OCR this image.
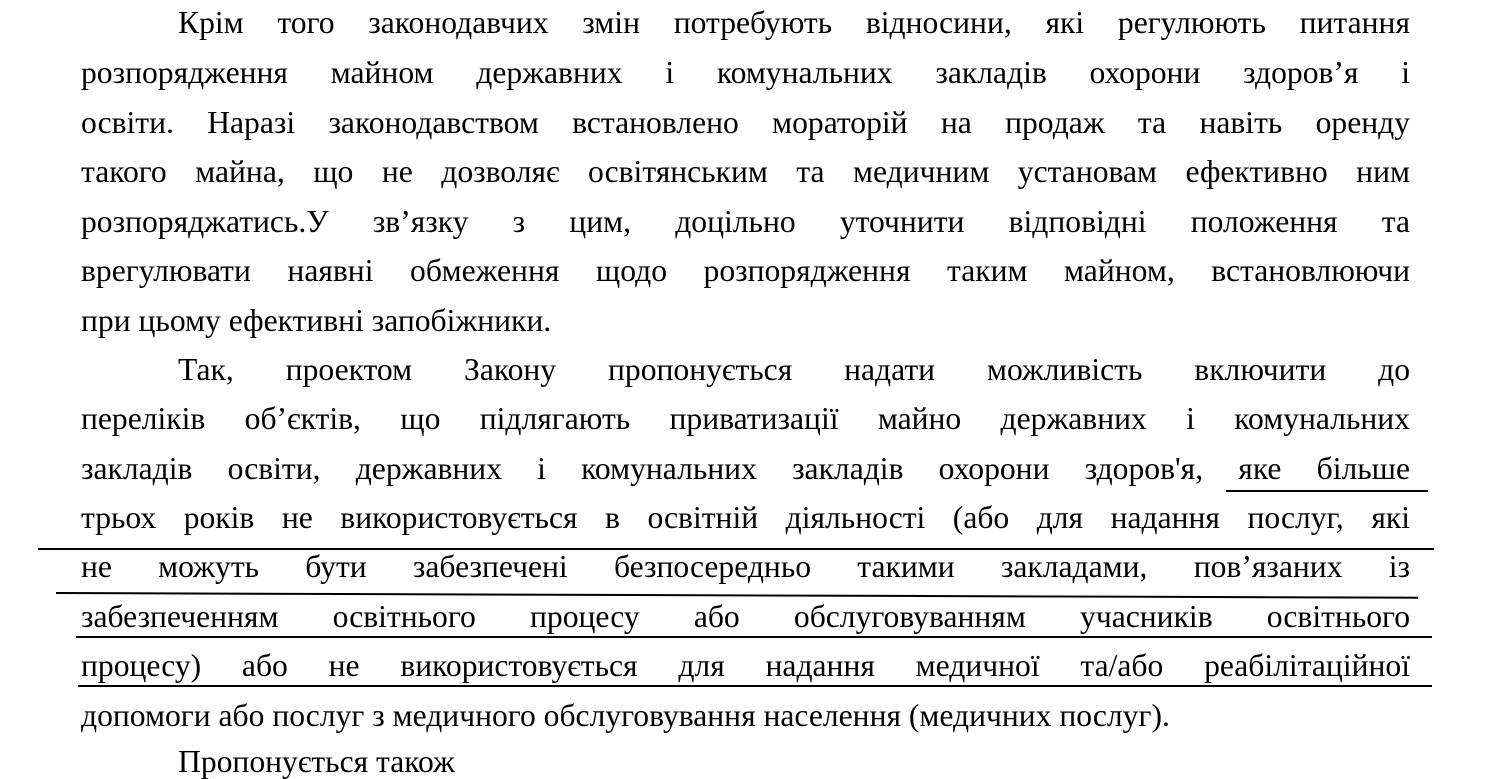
Крім того законодавчих змін потребують відносини, які регулюють питання
розпорядження майном державних і комунальних закладів охорони здоров’я і
освіти. Наразі законодавством встановлено мораторій на продаж та навіть оренду
такого майна, що не дозволяє освітянським та медичним установам ефективно ним
розпоряджатись.У зв’язку з цим, доцільно уточнити відповідні положення та
врегулювати наявні обмеження щодо розпорядження таким майном, встановлюючи
при цьому ефективні запобіжники.
Так, проектом Закону пропонується надати можливість включити до
переліків об’єктів, що підлягають приватизації майно державних і комунальних
закладів освіти, державних і комунальних закладів охорони здоров'я, яке більше
трьох років не використовується в освітній діяльності (або для надання послуг, які
не можуть бути забезпечені безпосередньо такими закладами, пов’язаних із
забезпеченням освітнього процесу або обслуговуванням учасників освітнього
процесу) або не використовується для надання медичної та/або реабілітаційної
допомоги або послуг з медичного обслуговування населення (медичних послуг).
Пропонується також
